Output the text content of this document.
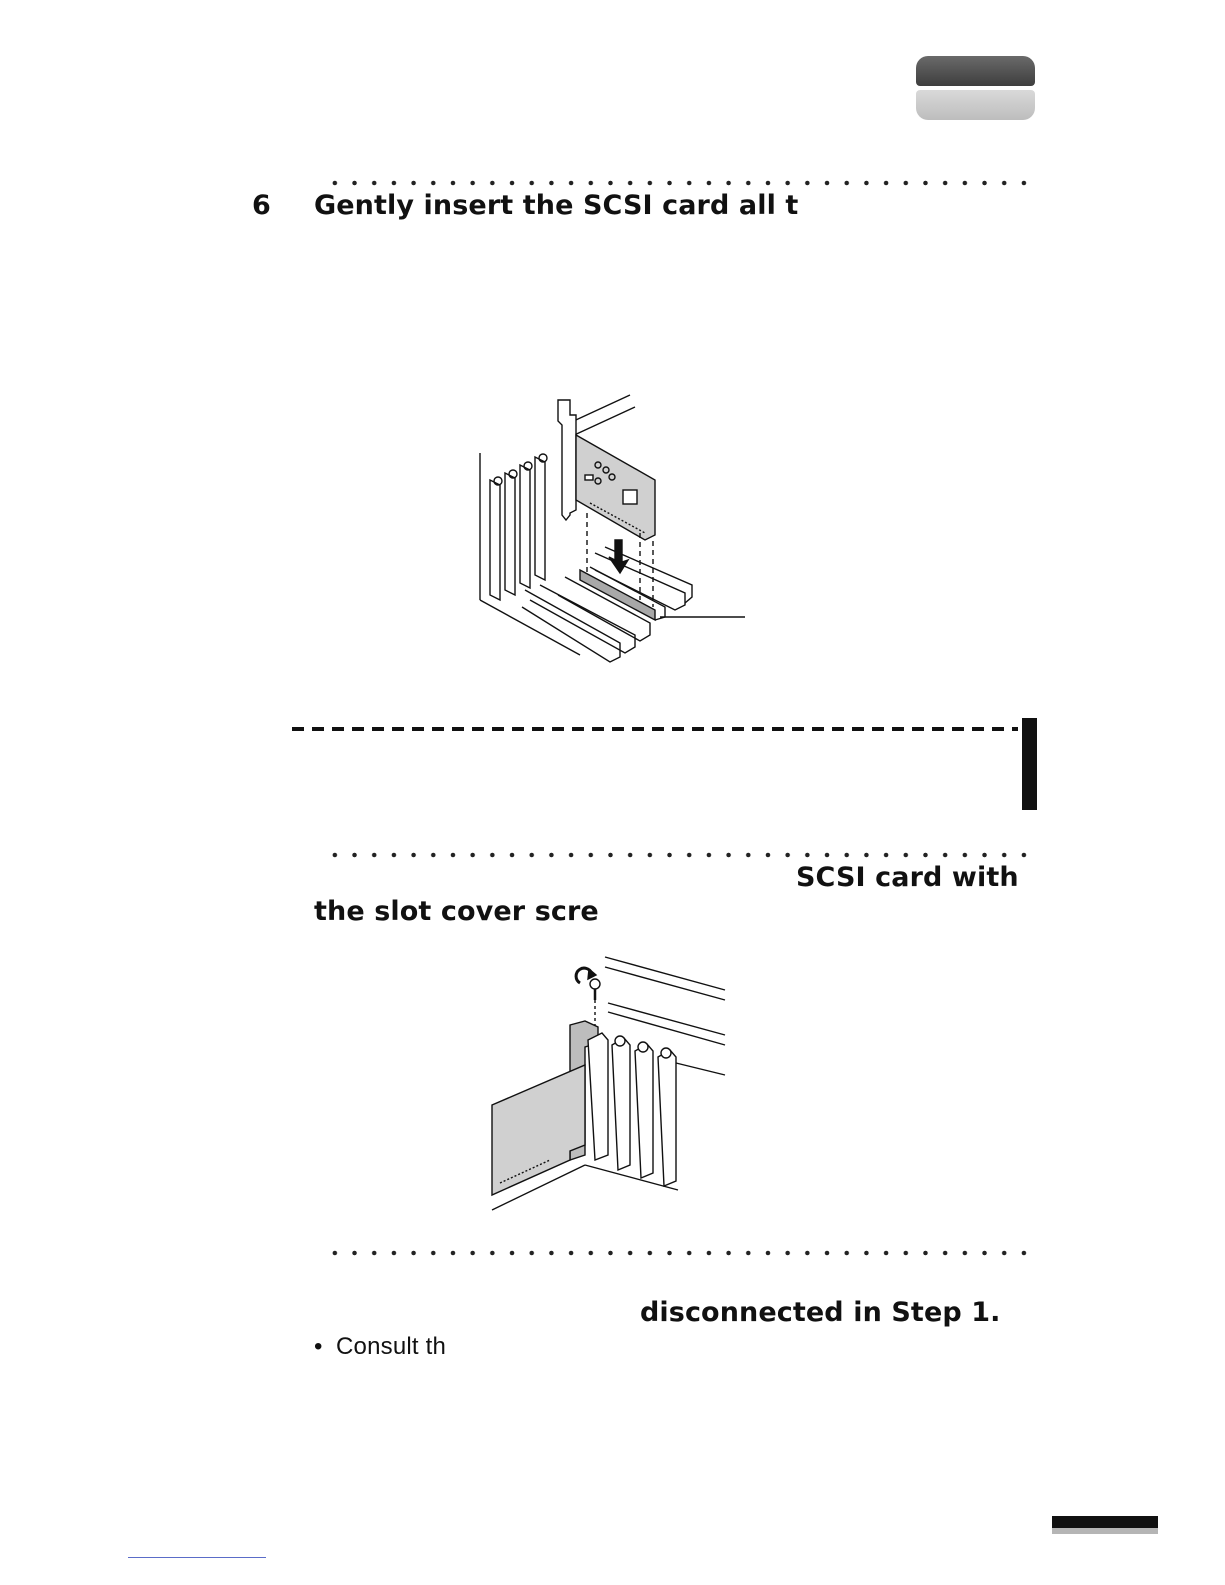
6 Gently insert the SCSI card all t
SCSI card with
the slot cover scre
disconnected in Step 1.
• Consult th
